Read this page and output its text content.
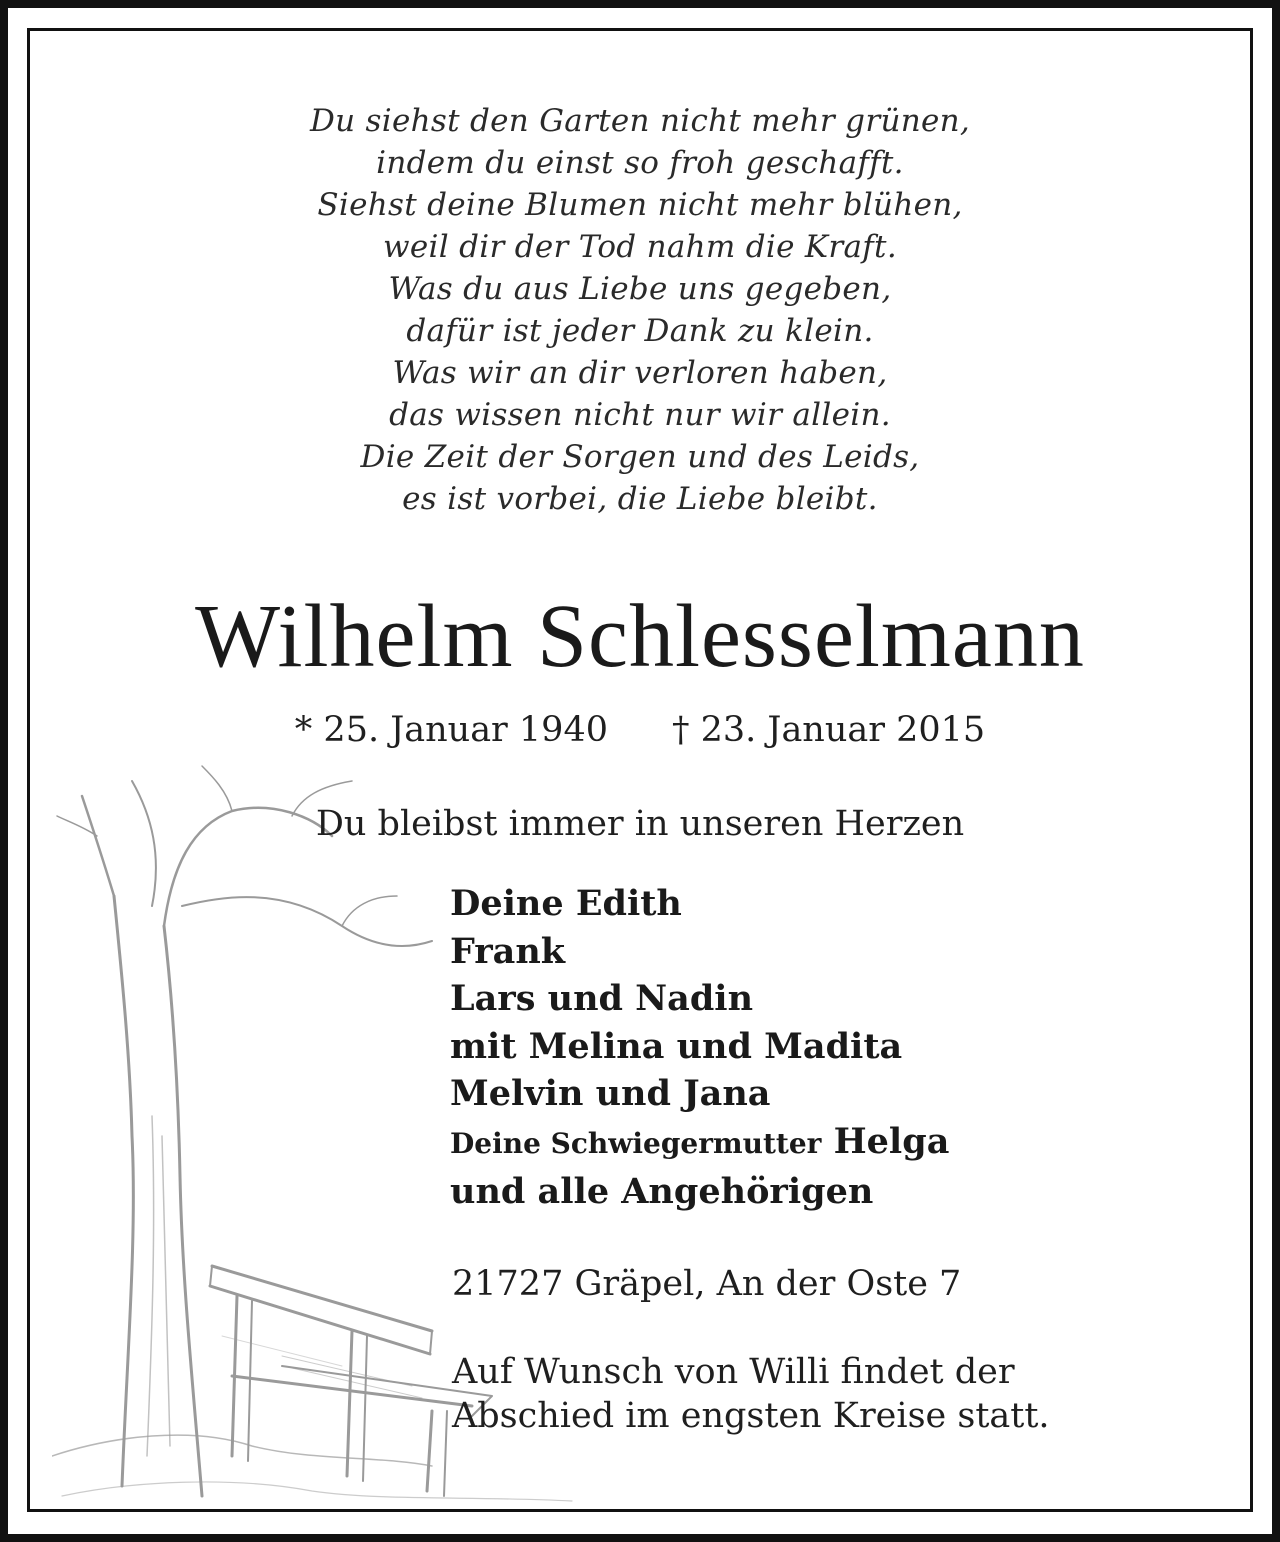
Du siehst den Garten nicht mehr grünen,
indem du einst so froh geschafft.
Siehst deine Blumen nicht mehr blühen,
weil dir der Tod nahm die Kraft.
Was du aus Liebe uns gegeben,
dafür ist jeder Dank zu klein.
Was wir an dir verloren haben,
das wissen nicht nur wir allein.
Die Zeit der Sorgen und des Leids,
es ist vorbei, die Liebe bleibt.
Wilhelm Schlesselmann
* 25. Januar 1940 † 23. Januar 2015
Du bleibst immer in unseren Herzen
Deine Edith
Frank
Lars und Nadin
mit Melina und Madita
Melvin und Jana
Deine Schwiegermutter Helga
und alle Angehörigen
21727 Gräpel, An der Oste 7
Auf Wunsch von Willi findet der
Abschied im engsten Kreise statt.
